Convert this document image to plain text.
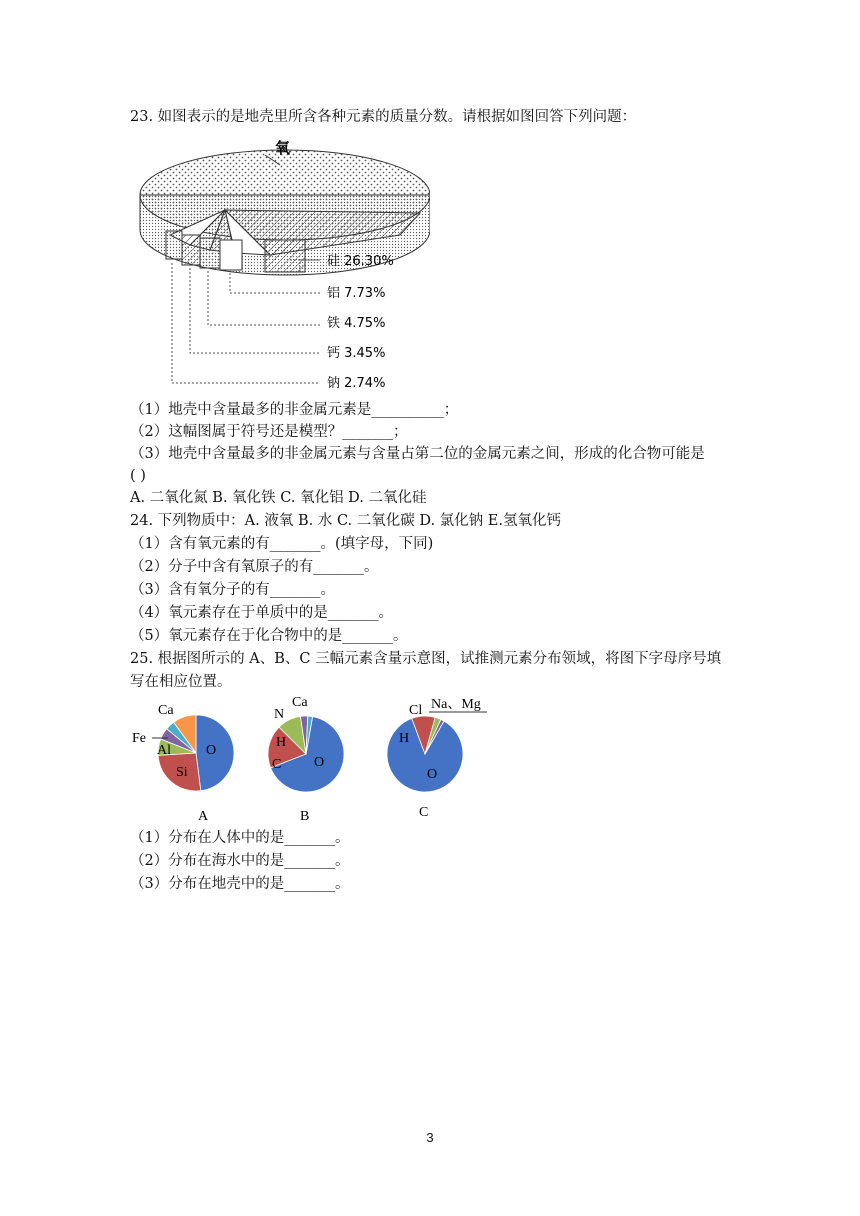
23. 如图表示的是地壳里所含各种元素的质量分数。请根据如图回答下列问题：
氧
硅 26.30%
铝 7.73%
铁 4.75%
钙 3.45%
钠 2.74%
（1）地壳中含量最多的非金属元素是__________；
（2）这幅图属于符号还是模型？_______；
（3）地壳中含量最多的非金属元素与含量占第二位的金属元素之间，形成的化合物可能是
( )
A. 二氧化氮 B. 氧化铁 C. 氧化铝 D. 二氧化硅
24. 下列物质中：A. 液氧 B. 水 C. 二氧化碳 D. 氯化钠 E.氢氧化钙
（1）含有氧元素的有_______。(填字母，下同)
（2）分子中含有氧原子的有_______。
（3）含有氧分子的有_______。
（4）氧元素存在于单质中的是_______。
（5）氧元素存在于化合物中的是_______。
25. 根据图所示的 A、B、C 三幅元素含量示意图，试推测元素分布领域，将图下字母序号填
写在相应位置。
Ca
Fe
Al
Si
O
A
Ca
N
H
C O
B
Cl Na、Mg
H
O
C
（1）分布在人体中的是_______。
（2）分布在海水中的是_______。
（3）分布在地壳中的是_______。
3
